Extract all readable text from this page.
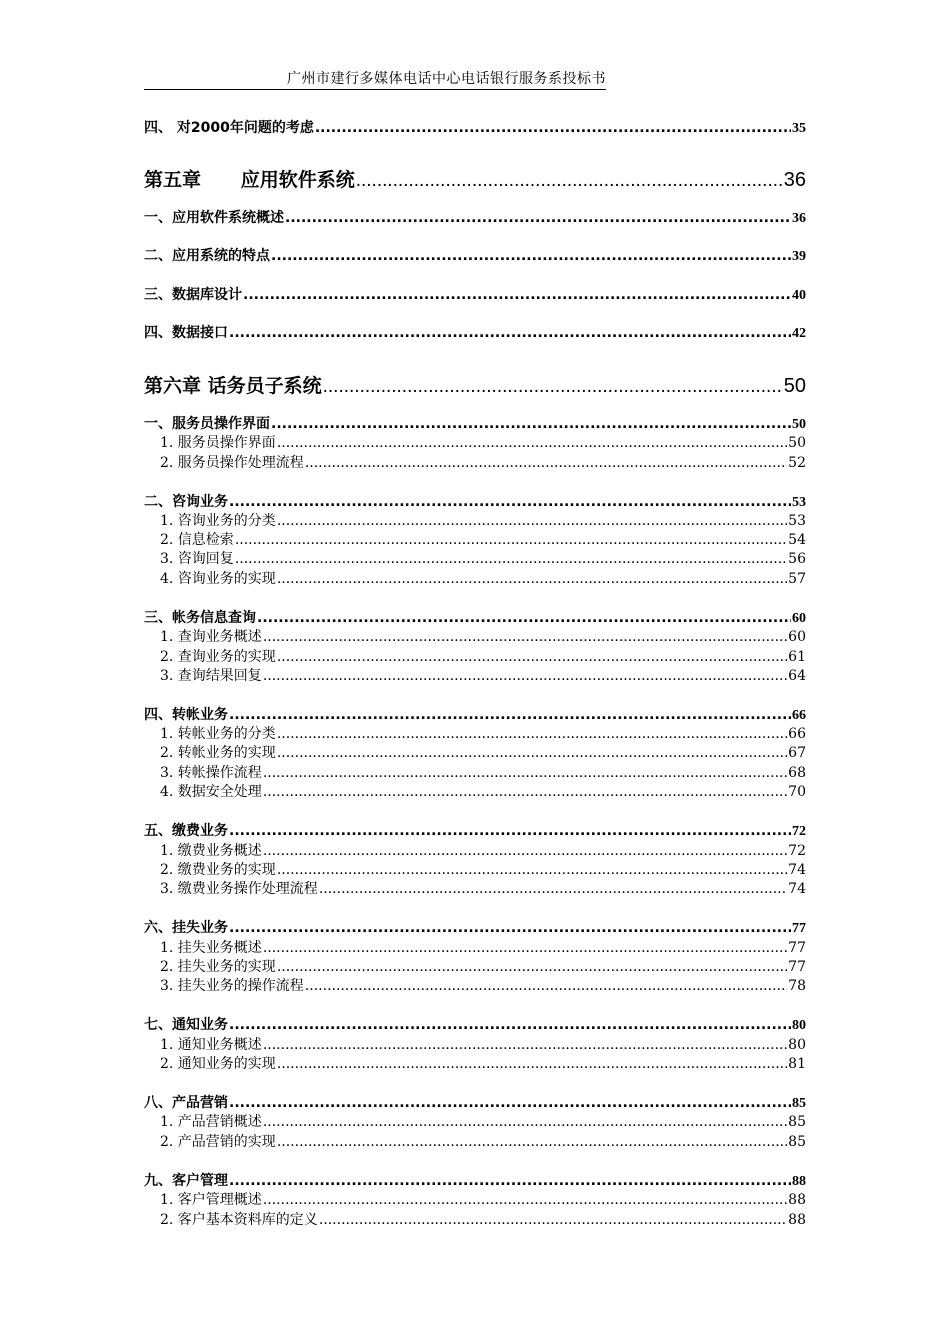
广州市建行多媒体电话中心电话银行服务系投标书
四、 对2000年问题的考虑 .....	35
第五章      应用软件系统 .....	36
一、应用软件系统概述 .....	36
二、应用系统的特点 .....	39
三、数据库设计 .....	40
四、数据接口 .....	42
第六章 话务员子系统 .....	50
一、服务员操作界面 .....	50
1. 服务员操作界面 .....	50
2. 服务员操作处理流程 .....	52
二、咨询业务 .....	53
1. 咨询业务的分类 .....	53
2. 信息检索 .....	54
3. 咨询回复 .....	56
4. 咨询业务的实现 .....	57
三、帐务信息查询 .....	60
1. 查询业务概述 .....	60
2. 查询业务的实现 .....	61
3. 查询结果回复 .....	64
四、转帐业务 .....	66
1. 转帐业务的分类 .....	66
2. 转帐业务的实现 .....	67
3. 转帐操作流程 .....	68
4. 数据安全处理 .....	70
五、缴费业务 .....	72
1. 缴费业务概述 .....	72
2. 缴费业务的实现 .....	74
3. 缴费业务操作处理流程 .....	74
六、挂失业务 .....	77
1. 挂失业务概述 .....	77
2. 挂失业务的实现 .....	77
3. 挂失业务的操作流程 .....	78
七、通知业务 .....	80
1. 通知业务概述 .....	80
2. 通知业务的实现 .....	81
八、产品营销 .....	85
1. 产品营销概述 .....	85
2. 产品营销的实现 .....	85
九、客户管理 .....	88
1. 客户管理概述 .....	88
2. 客户基本资料库的定义 .....	88
